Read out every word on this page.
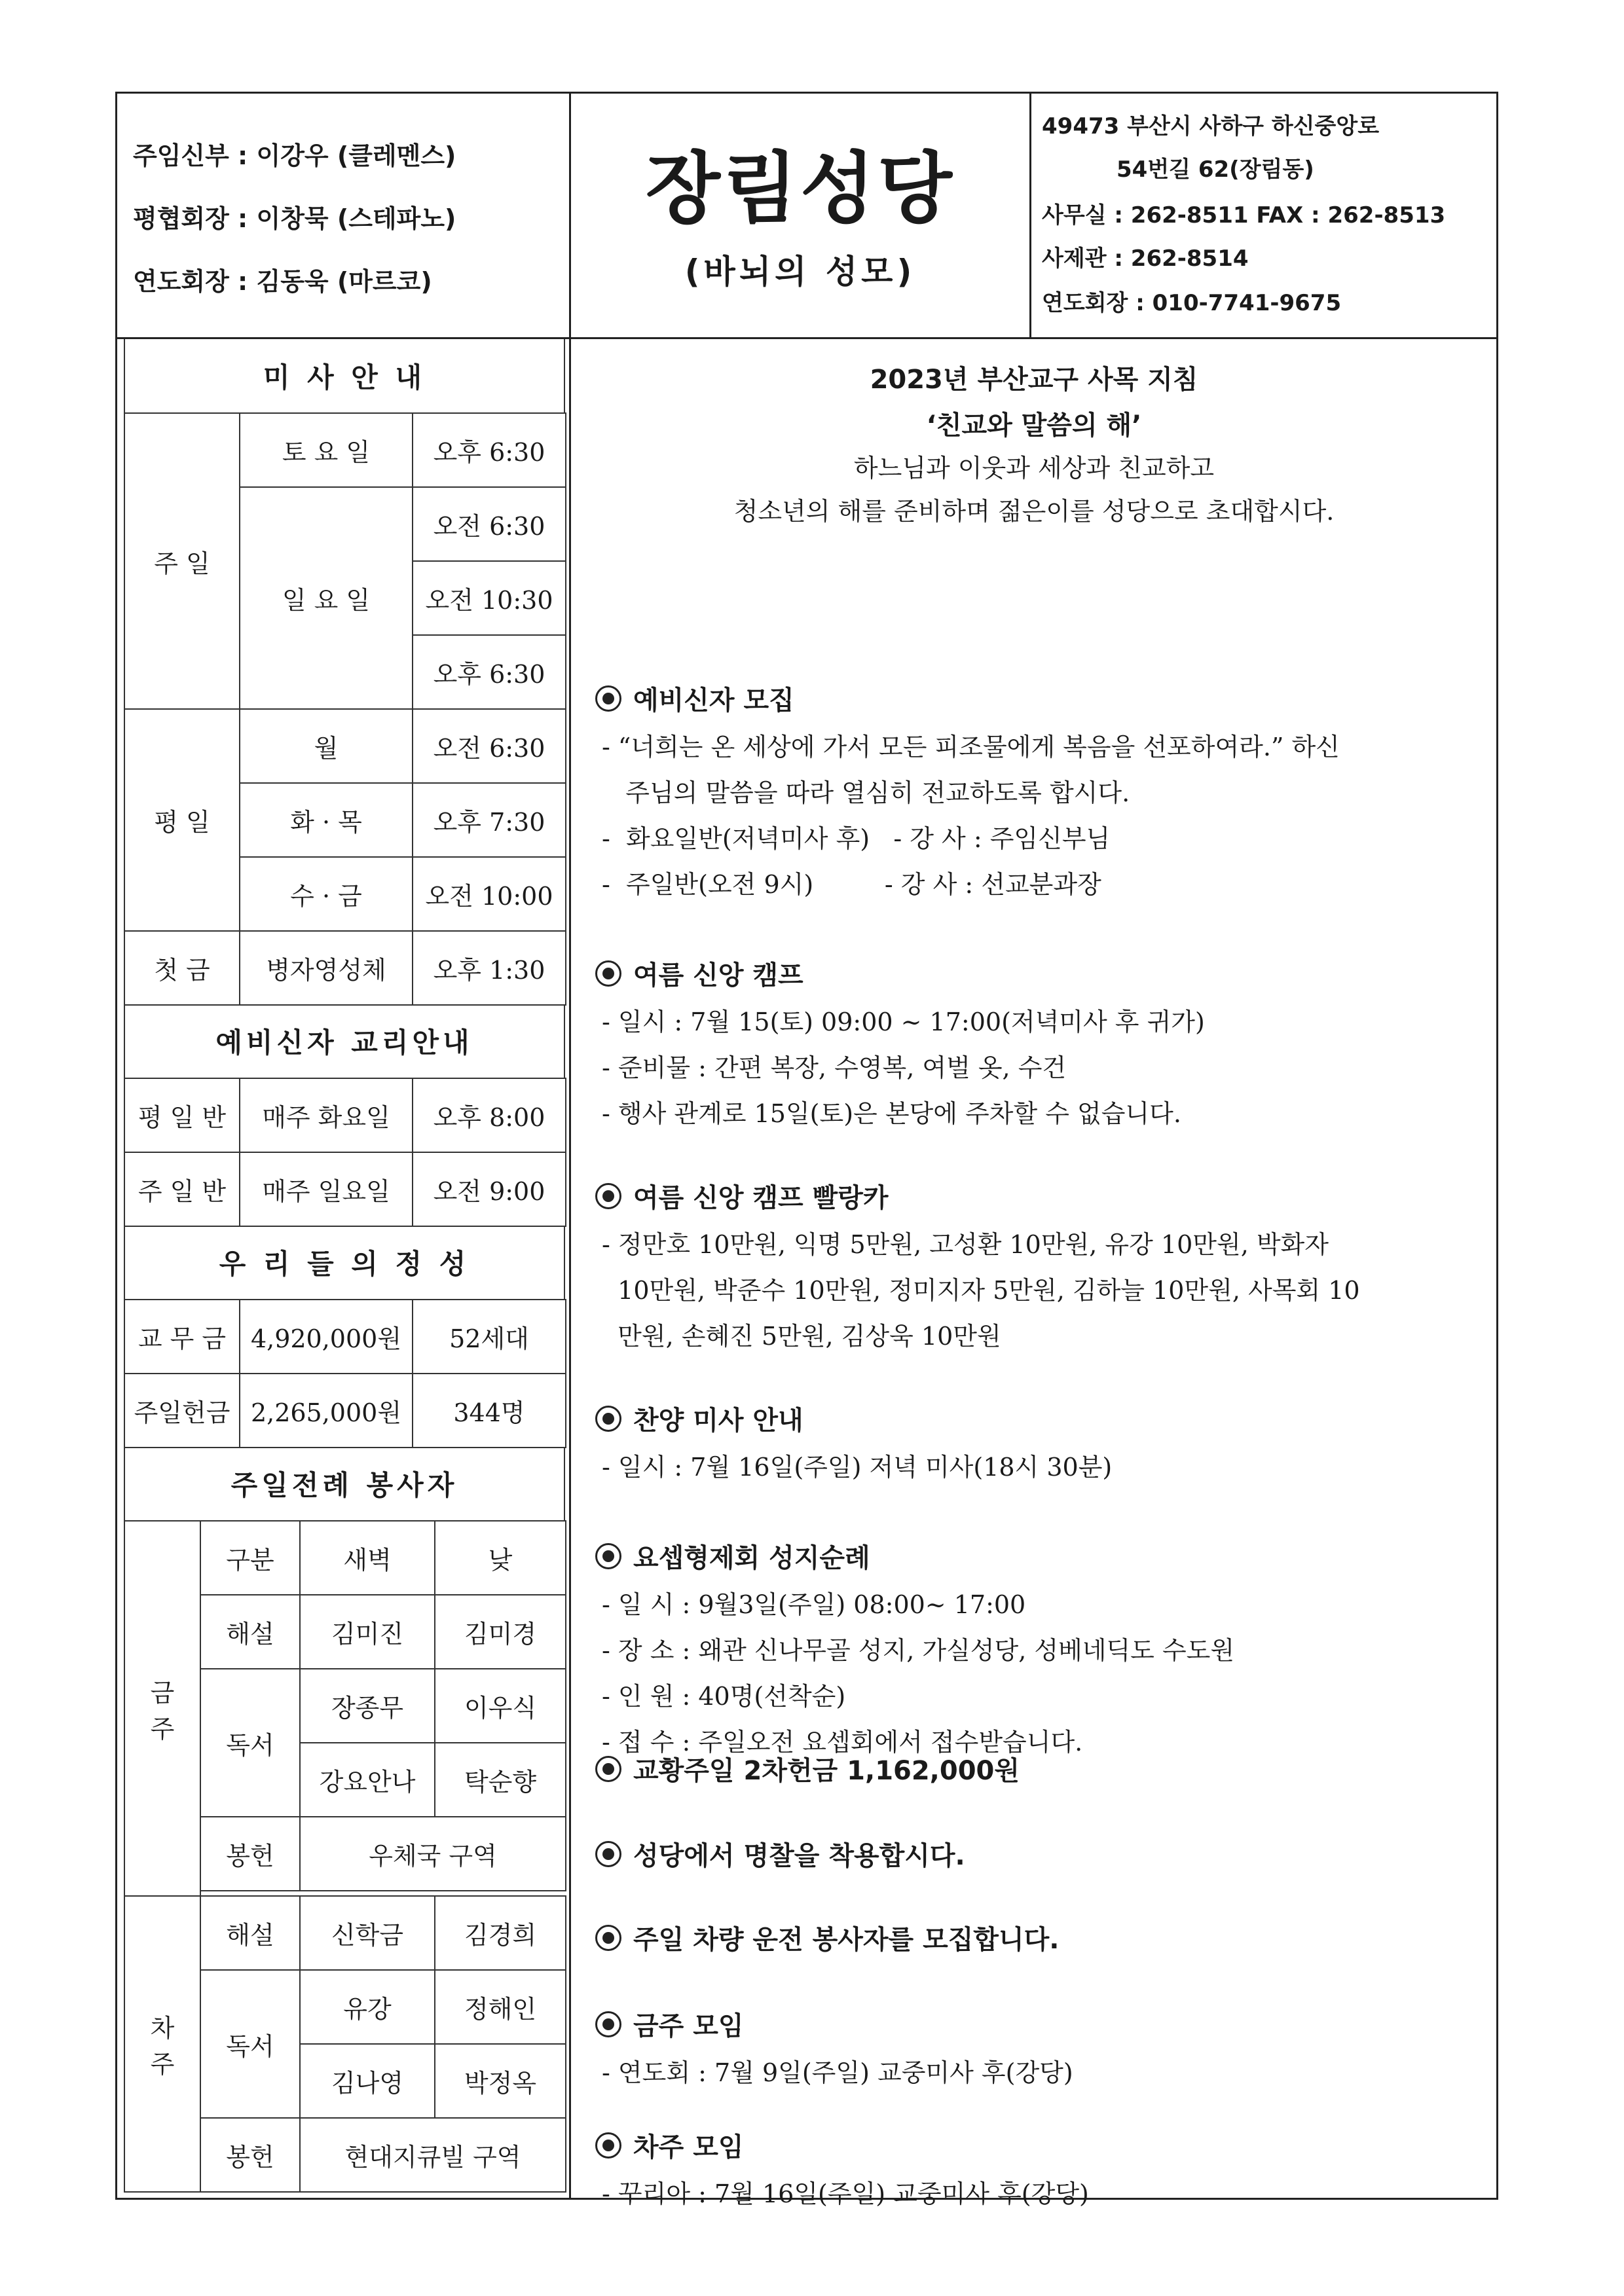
주임신부 : 이강우 (클레멘스)
평협회장 : 이창묵 (스테파노)
연도회장 : 김동욱 (마르코)
장림성당
(바뇌의 성모)
49473 부산시 사하구 하신중앙로
54번길 62(장림동)
사무실 : 262-8511 FAX : 262-8513
사제관 : 262-8514
연도회장 : 010-7741-9675
미 사 안 내
주 일	토 요 일	오후 6:30
	일 요 일	오전 6:30
		오전 10:30
		오후 6:30
평 일	월	오전 6:30
	화 · 목	오후 7:30
	수 · 금	오전 10:00
첫 금	병자영성체	오후 1:30
예비신자 교리안내
평 일 반	매주 화요일	오후 8:00
주 일 반	매주 일요일	오전 9:00
우 리 들 의 정 성
교 무 금	4,920,000원	52세대
주일헌금	2,265,000원	344명
주일전례 봉사자
금
주	구분	새벽	낮
	해설	김미진	김미경
	독서	장종무	이우식
		강요안나	탁순향
	봉헌	우체국 구역	

차
주	해설	신학금	김경희
	독서	유강	정해인
		김나영	박정옥
	봉헌	현대지큐빌 구역	
2023년 부산교구 사목 지침
‘친교와 말씀의 해’
하느님과 이웃과 세상과 친교하고
청소년의 해를 준비하며 젊은이를 성당으로 초대합시다.
예비신자 모집
- “너희는 온 세상에 가서 모든 피조물에게 복음을 선포하여라.” 하신
주님의 말씀을 따라 열심히 전교하도록 합시다.
-  화요일반(저녁미사 후)   - 강 사 : 주임신부님
-  주일반(오전 9시)         - 강 사 : 선교분과장
여름 신앙 캠프
- 일시 : 7월 15(토) 09:00 ~ 17:00(저녁미사 후 귀가)
- 준비물 : 간편 복장, 수영복, 여벌 옷, 수건
- 행사 관계로 15일(토)은 본당에 주차할 수 없습니다.
여름 신앙 캠프 빨랑카
- 정만호 10만원, 익명 5만원, 고성환 10만원, 유강 10만원, 박화자
10만원, 박준수 10만원, 정미지자 5만원, 김하늘 10만원, 사목회 10
만원, 손혜진 5만원, 김상욱 10만원
찬양 미사 안내
- 일시 : 7월 16일(주일) 저녁 미사(18시 30분)
요셉형제회 성지순례
- 일 시 : 9월3일(주일) 08:00~ 17:00
- 장 소 : 왜관 신나무골 성지, 가실성당, 성베네딕도 수도원
- 인 원 : 40명(선착순)
- 접 수 : 주일오전 요셉회에서 접수받습니다.
교황주일 2차헌금 1,162,000원
성당에서 명찰을 착용합시다.
주일 차량 운전 봉사자를 모집합니다.
금주 모임
- 연도회 : 7월 9일(주일) 교중미사 후(강당)
차주 모임
- 꾸리아 : 7월 16일(주일) 교중미사 후(강당)
